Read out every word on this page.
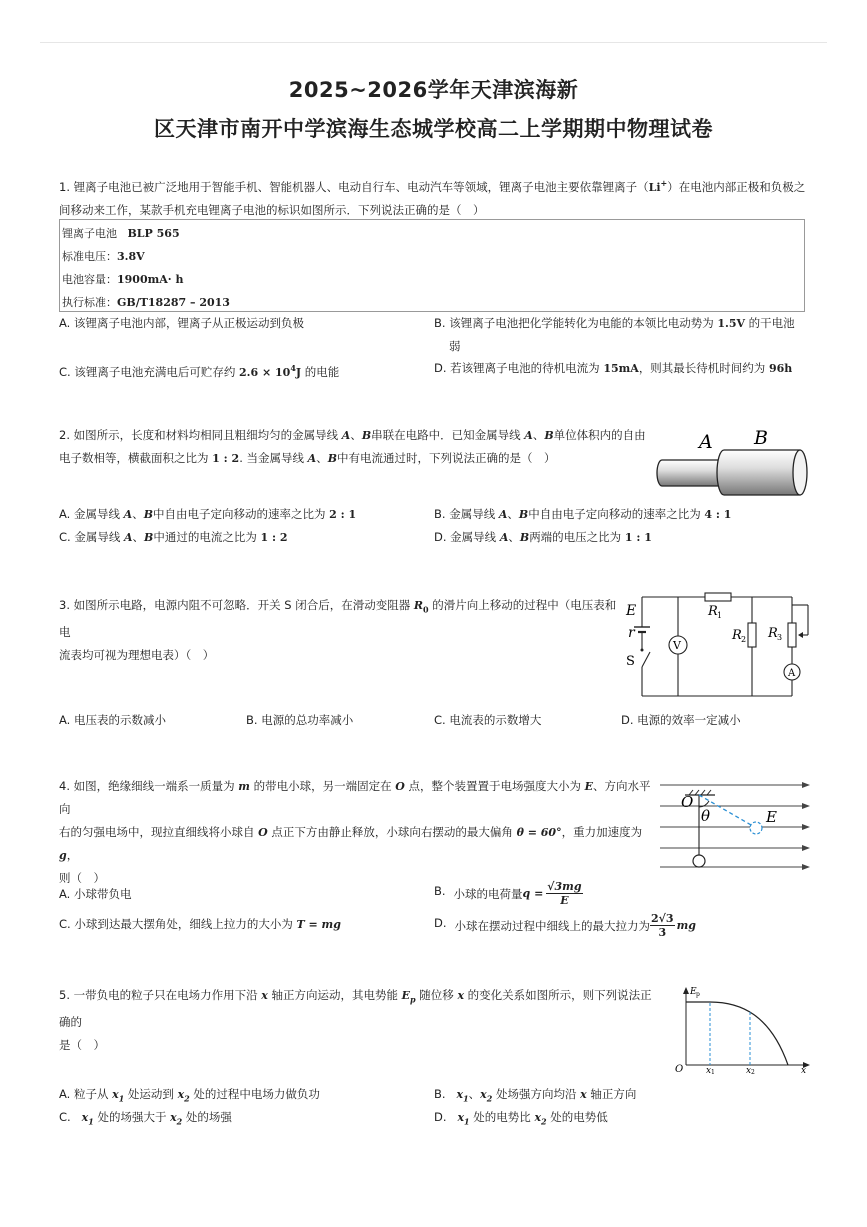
2025~2026学年天津滨海新
区天津市南开中学滨海生态城学校高二上学期期中物理试卷
1. 锂离子电池已被广泛地用于智能手机、智能机器人、电动自行车、电动汽车等领域，锂离子电池主要依靠锂离子（Li+）在电池内部正极和负极之
间移动来工作，某款手机充电锂离子电池的标识如图所示．下列说法正确的是（　）
锂离子电池 BLP 565
标准电压：3.8V
电池容量：1900mA· h
执行标准：GB/T18287 – 2013
A. 该锂离子电池内部，锂离子从正极运动到负极	B. 该锂离子电池把化学能转化为电能的本领比电动势为 1.5V 的干电池
弱
C. 该锂离子电池充满电后可贮存约 $2.6 \times 10^4J$ 的电能	D. 若该锂离子电池的待机电流为 15mA，则其最长待机时间约为 96h
2. 如图所示，长度和材料均相同且粗细均匀的金属导线 A、B串联在电路中．已知金属导线 A、B单位体积内的自由
电子数相等，横截面积之比为 1 : 2. 当金属导线 A、B中有电流通过时，下列说法正确的是（　）
A B
A. 金属导线 A、B中自由电子定向移动的速率之比为 2 : 1	B. 金属导线 A、B中自由电子定向移动的速率之比为 4 : 1
C. 金属导线 A、B中通过的电流之比为 1 : 2	D. 金属导线 A、B两端的电压之比为 1 : 1
3. 如图所示电路，电源内阻不可忽略．开关 S 闭合后，在滑动变阻器 $R_0$ 的滑片向上移动的过程中（电压表和电
流表均可视为理想电表）（　）
V
A
E
r
S
R 1
R 2 R 3
A. 电压表的示数减小	B. 电源的总功率减小	C. 电流表的示数增大	D. 电源的效率一定减小
4. 如图，绝缘细线一端系一质量为 m 的带电小球，另一端固定在 O 点，整个装置置于电场强度大小为 E、方向水平向
右的匀强电场中，现拉直细线将小球自 O 点正下方由静止释放，小球向右摆动的最大偏角 θ = 60°，重力加速度为 g，
则（　）
O
θ	E
A. 小球带负电	B. 小球的电荷量 $q = \frac{√3mg}{E}$
C. 小球到达最大摆角处，细线上拉力的大小为 T = mg	D. 小球在摆动过程中细线上的最大拉力为 2√3
3
mg
5. 一带负电的粒子只在电场力作用下沿 x 轴正方向运动，其电势能 $E_p$ 随位移 x 的变化关系如图所示，则下列说法正确的
是（　）
E p
O	x 1	x 2	x
A. 粒子从 $x_1$ 处运动到 $x_2$ 处的过程中电场力做负功	B.   $x_1$、$x_2$ 处场强方向均沿 x 轴正方向
C.   $x_1$ 处的场强大于 $x_2$ 处的场强	D.   $x_1$ 处的电势比 $x_2$ 处的电势低
